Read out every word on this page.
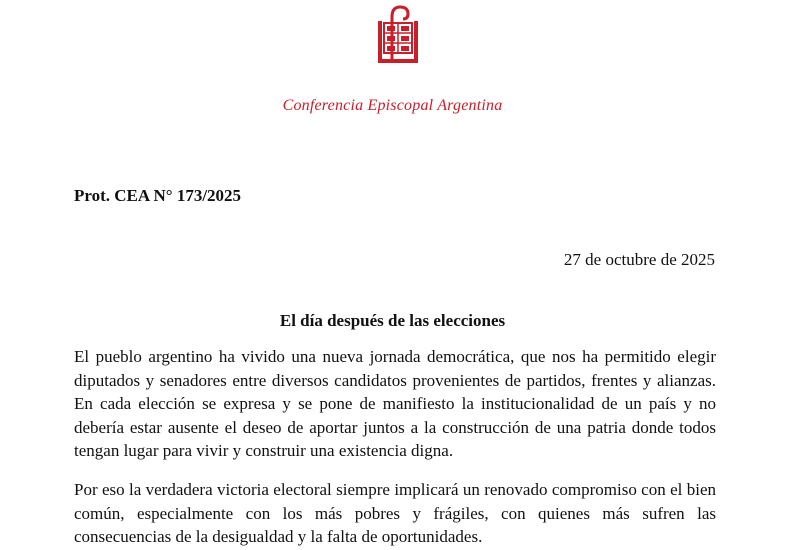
Conferencia Episcopal Argentina
Prot. CEA N° 173/2025
27 de octubre de 2025
El día después de las elecciones

El pueblo argentino ha vivido una nueva jornada democrática, que nos ha permitido elegir diputados y senadores entre diversos candidatos provenientes de partidos, frentes y alianzas. En cada elección se expresa y se pone de manifiesto la institucionalidad de un país y no debería estar ausente el deseo de aportar juntos a la construcción de una patria donde todos tengan lugar para vivir y construir una existencia digna.

Por eso la verdadera victoria electoral siempre implicará un renovado compromiso con el bien común, especialmente con los más pobres y frágiles, con quienes más sufren las consecuencias de la desigualdad y la falta de oportunidades.
